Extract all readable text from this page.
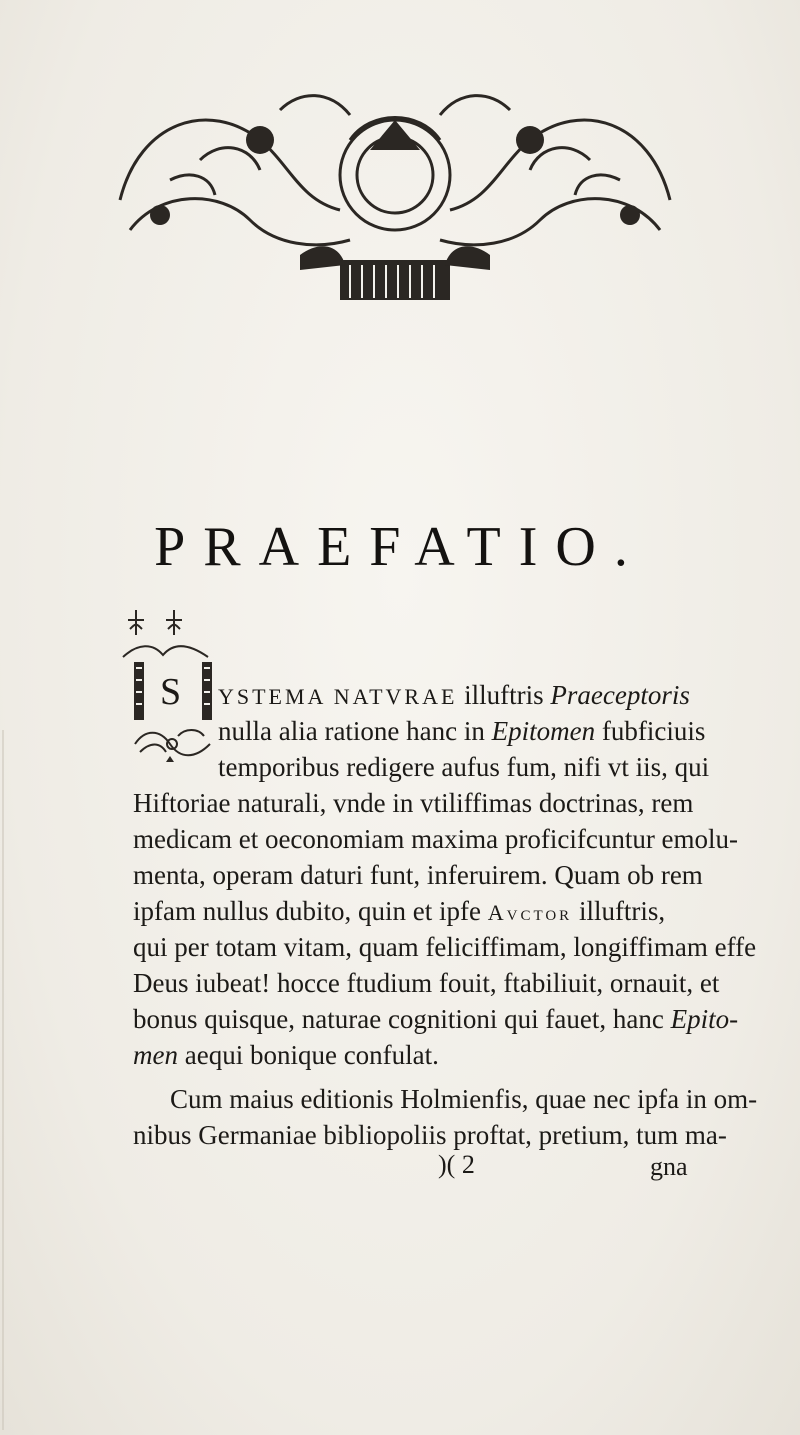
PRAEFATIO.
S YSTEMA NATVRAE illuftris Praeceptoris
nulla alia ratione hanc in Epitomen fubficiuis
temporibus redigere aufus fum, nifi vt iis, qui
Hiftoriae naturali, vnde in vtiliffimas doctrinas, rem
medicam et oeconomiam maxima proficifcuntur emolu-
menta, operam daturi funt, inferuirem. Quam ob rem
ipfam nullus dubito, quin et ipfe Avctor illuftris,
qui per totam vitam, quam feliciffimam, longiffimam effe
Deus iubeat! hocce ftudium fouit, ftabiliuit, ornauit, et
bonus quisque, naturae cognitioni qui fauet, hanc Epito-
men aequi bonique confulat.
Cum maius editionis Holmienfis, quae nec ipfa in om-
nibus Germaniae bibliopoliis proftat, pretium, tum ma-
)( 2	gna
